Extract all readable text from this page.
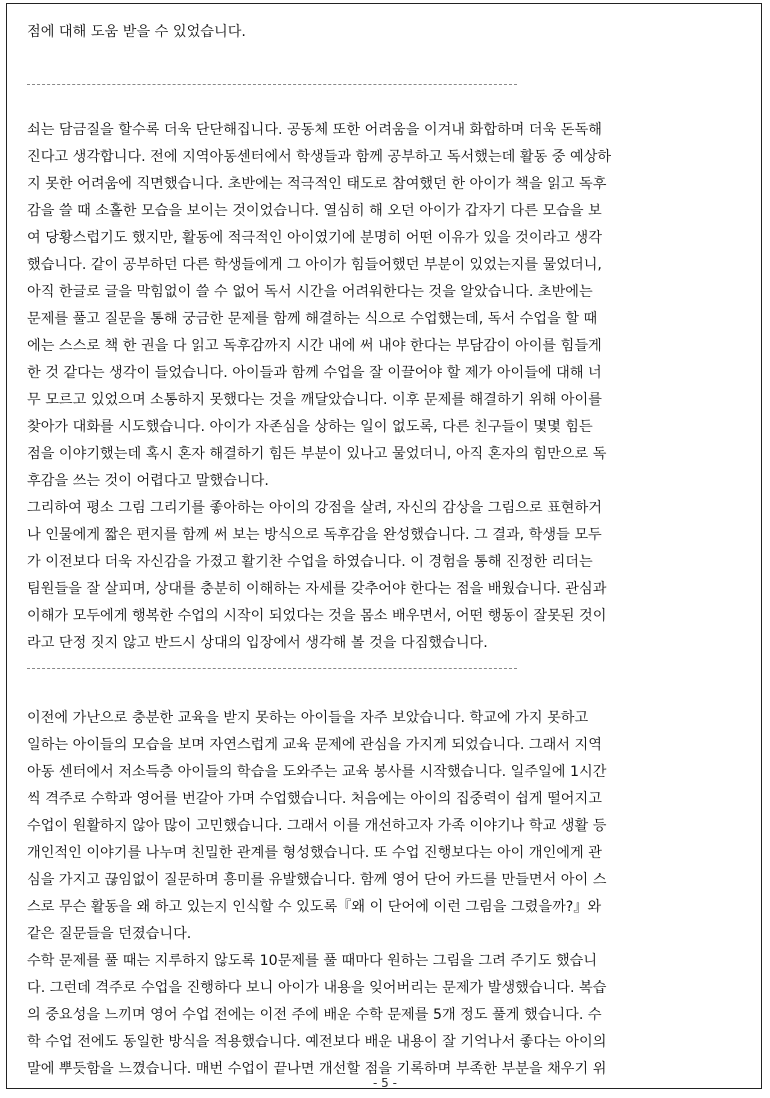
점에 대해 도움 받을 수 있었습니다.
쇠는 담금질을 할수록 더욱 단단해집니다. 공동체 또한 어려움을 이겨내 화합하며 더욱 돈독해
진다고 생각합니다. 전에 지역아동센터에서 학생들과 함께 공부하고 독서했는데 활동 중 예상하
지 못한 어려움에 직면했습니다. 초반에는 적극적인 태도로 참여했던 한 아이가 책을 읽고 독후
감을 쓸 때 소홀한 모습을 보이는 것이었습니다. 열심히 해 오던 아이가 갑자기 다른 모습을 보
여 당황스럽기도 했지만, 활동에 적극적인 아이였기에 분명히 어떤 이유가 있을 것이라고 생각
했습니다. 같이 공부하던 다른 학생들에게 그 아이가 힘들어했던 부분이 있었는지를 물었더니,
아직 한글로 글을 막힘없이 쓸 수 없어 독서 시간을 어려워한다는 것을 알았습니다. 초반에는
문제를 풀고 질문을 통해 궁금한 문제를 함께 해결하는 식으로 수업했는데, 독서 수업을 할 때
에는 스스로 책 한 권을 다 읽고 독후감까지 시간 내에 써 내야 한다는 부담감이 아이를 힘들게
한 것 같다는 생각이 들었습니다. 아이들과 함께 수업을 잘 이끌어야 할 제가 아이들에 대해 너
무 모르고 있었으며 소통하지 못했다는 것을 깨달았습니다. 이후 문제를 해결하기 위해 아이를
찾아가 대화를 시도했습니다. 아이가 자존심을 상하는 일이 없도록, 다른 친구들이 몇몇 힘든
점을 이야기했는데 혹시 혼자 해결하기 힘든 부분이 있나고 물었더니, 아직 혼자의 힘만으로 독
후감을 쓰는 것이 어렵다고 말했습니다.
그리하여 평소 그림 그리기를 좋아하는 아이의 강점을 살려, 자신의 감상을 그림으로 표현하거
나 인물에게 짧은 편지를 함께 써 보는 방식으로 독후감을 완성했습니다. 그 결과, 학생들 모두
가 이전보다 더욱 자신감을 가졌고 활기찬 수업을 하였습니다. 이 경험을 통해 진정한 리더는
팀원들을 잘 살피며, 상대를 충분히 이해하는 자세를 갖추어야 한다는 점을 배웠습니다. 관심과
이해가 모두에게 행복한 수업의 시작이 되었다는 것을 몸소 배우면서, 어떤 행동이 잘못된 것이
라고 단정 짓지 않고 반드시 상대의 입장에서 생각해 볼 것을 다짐했습니다.
이전에 가난으로 충분한 교육을 받지 못하는 아이들을 자주 보았습니다. 학교에 가지 못하고
일하는 아이들의 모습을 보며 자연스럽게 교육 문제에 관심을 가지게 되었습니다. 그래서 지역
아동 센터에서 저소득층 아이들의 학습을 도와주는 교육 봉사를 시작했습니다. 일주일에 1시간
씩 격주로 수학과 영어를 번갈아 가며 수업했습니다. 처음에는 아이의 집중력이 쉽게 떨어지고
수업이 원활하지 않아 많이 고민했습니다. 그래서 이를 개선하고자 가족 이야기나 학교 생활 등
개인적인 이야기를 나누며 친밀한 관계를 형성했습니다. 또 수업 진행보다는 아이 개인에게 관
심을 가지고 끊임없이 질문하며 흥미를 유발했습니다. 함께 영어 단어 카드를 만들면서 아이 스
스로 무슨 활동을 왜 하고 있는지 인식할 수 있도록『왜 이 단어에 이런 그림을 그렸을까?』와
같은 질문들을 던졌습니다.
수학 문제를 풀 때는 지루하지 않도록 10문제를 풀 때마다 원하는 그림을 그려 주기도 했습니
다. 그런데 격주로 수업을 진행하다 보니 아이가 내용을 잊어버리는 문제가 발생했습니다. 복습
의 중요성을 느끼며 영어 수업 전에는 이전 주에 배운 수학 문제를 5개 정도 풀게 했습니다. 수
학 수업 전에도 동일한 방식을 적용했습니다. 예전보다 배운 내용이 잘 기억나서 좋다는 아이의
말에 뿌듯함을 느꼈습니다. 매번 수업이 끝나면 개선할 점을 기록하며 부족한 부분을 채우기 위
- 5 -
